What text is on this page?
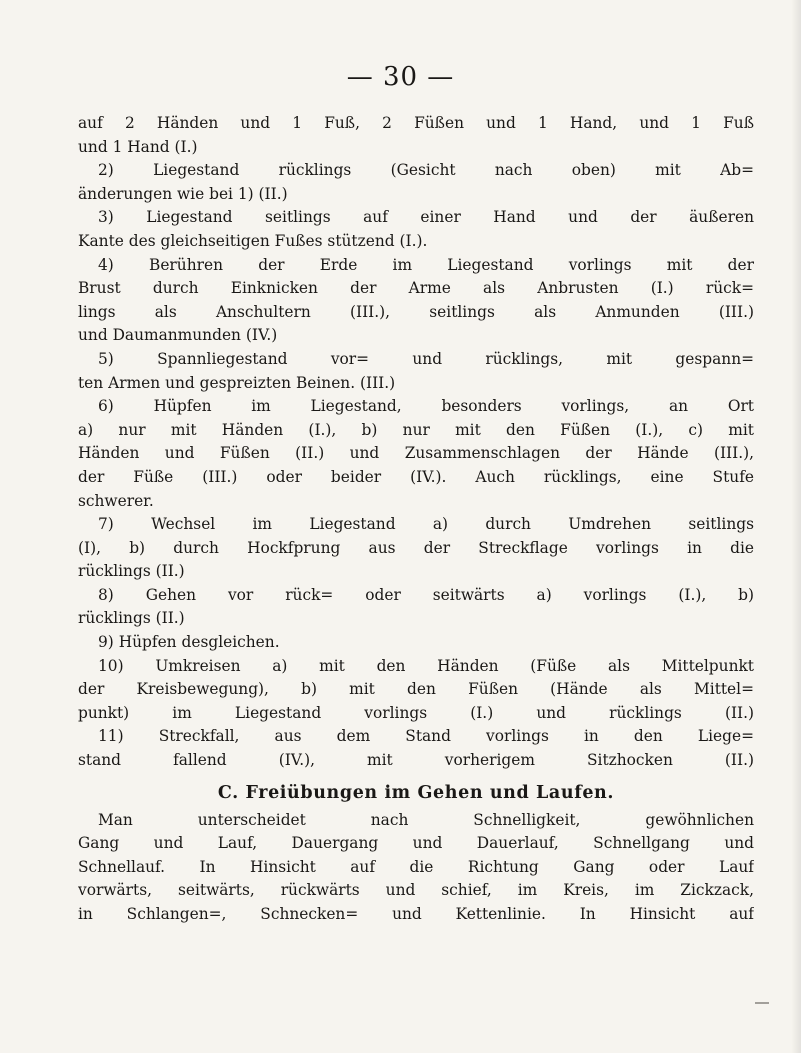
— 30 —
auf 2 Händen und 1 Fuß, 2 Füßen und 1 Hand, und 1 Fuß
und 1 Hand (I.)
2) Liegestand rücklings (Gesicht nach oben) mit Ab=
änderungen wie bei 1) (II.)
3) Liegestand seitlings auf einer Hand und der äußeren
Kante des gleichseitigen Fußes stützend (I.).
4) Berühren der Erde im Liegestand vorlings mit der
Brust durch Einknicken der Arme als Anbrusten (I.) rück=
lings als Anschultern (III.), seitlings als Anmunden (III.)
und Daumanmunden (IV.)
5) Spannliegestand vor= und rücklings, mit gespann=
ten Armen und gespreizten Beinen. (III.)
6) Hüpfen im Liegestand, besonders vorlings, an Ort
a) nur mit Händen (I.), b) nur mit den Füßen (I.), c) mit
Händen und Füßen (II.) und Zusammenschlagen der Hände (III.),
der Füße (III.) oder beider (IV.). Auch rücklings, eine Stufe
schwerer.
7) Wechsel im Liegestand a) durch Umdrehen seitlings
(I), b) durch Hockfprung aus der Streckflage vorlings in die
rücklings (II.)
8) Gehen vor rück= oder seitwärts a) vorlings (I.), b)
rücklings (II.)
9) Hüpfen desgleichen.
10) Umkreisen a) mit den Händen (Füße als Mittelpunkt
der Kreisbewegung), b) mit den Füßen (Hände als Mittel=
punkt) im Liegestand vorlings (I.) und rücklings (II.)
11) Streckfall, aus dem Stand vorlings in den Liege=
stand fallend (IV.), mit vorherigem Sitzhocken (II.)
C. Freiübungen im Gehen und Laufen.
Man unterscheidet nach Schnelligkeit, gewöhnlichen
Gang und Lauf, Dauergang und Dauerlauf, Schnellgang und
Schnellauf. In Hinsicht auf die Richtung Gang oder Lauf
vorwärts, seitwärts, rückwärts und schief, im Kreis, im Zickzack,
in Schlangen=, Schnecken= und Kettenlinie. In Hinsicht auf
